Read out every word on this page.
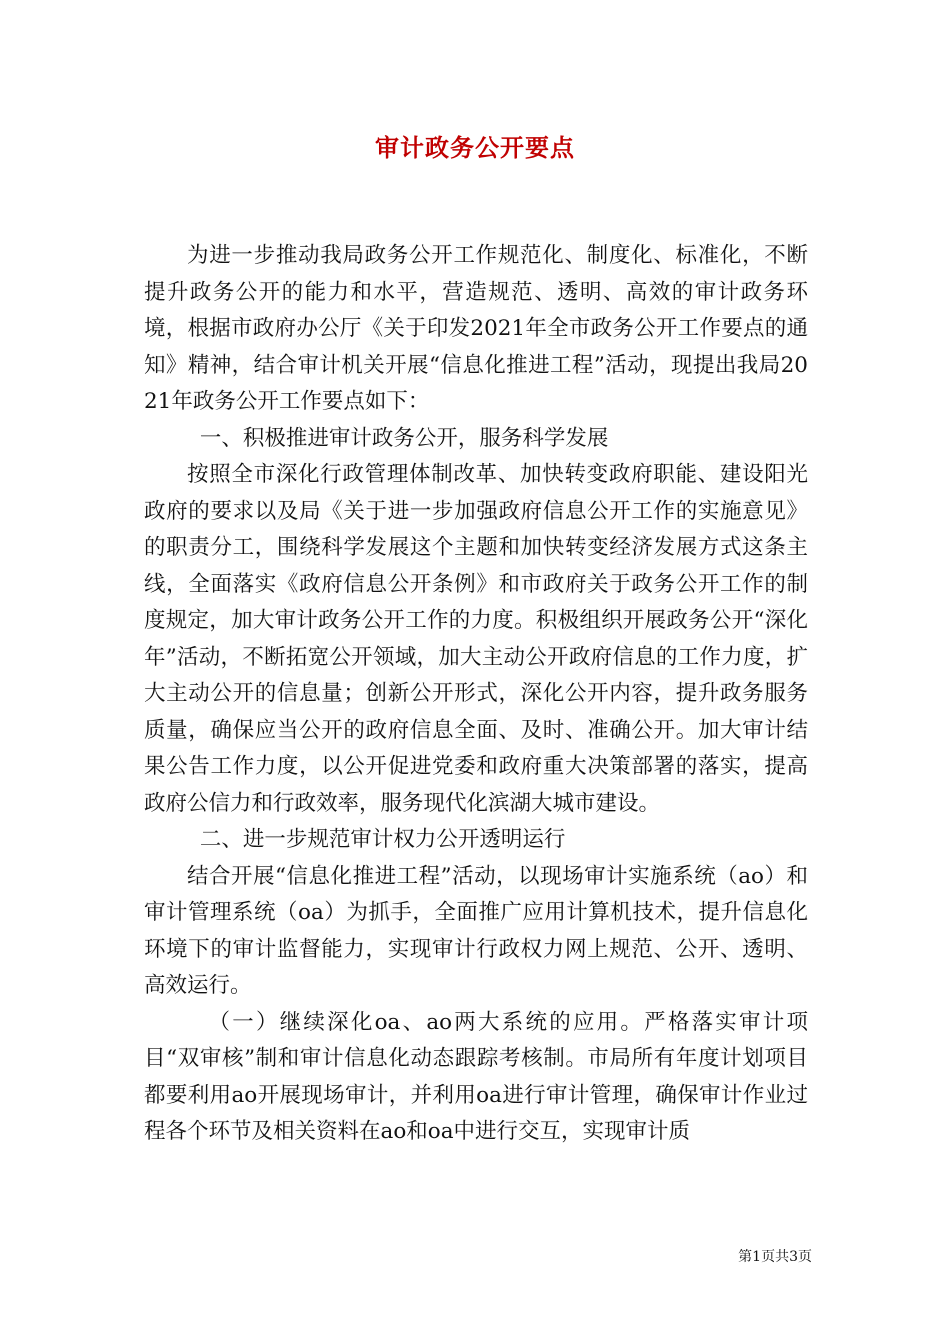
审计政务公开要点

为进一步推动我局政务公开工作规范化、制度化、标准化，不断提升政务公开的能力和水平，营造规范、透明、高效的审计政务环境，根据市政府办公厅《关于印发2021年全市政务公开工作要点的通知》精神，结合审计机关开展“信息化推进工程”活动，现提出我局2021年政务公开工作要点如下：

一、积极推进审计政务公开，服务科学发展

按照全市深化行政管理体制改革、加快转变政府职能、建设阳光政府的要求以及局《关于进一步加强政府信息公开工作的实施意见》的职责分工，围绕科学发展这个主题和加快转变经济发展方式这条主线，全面落实《政府信息公开条例》和市政府关于政务公开工作的制度规定，加大审计政务公开工作的力度。积极组织开展政务公开“深化年”活动，不断拓宽公开领域，加大主动公开政府信息的工作力度，扩大主动公开的信息量；创新公开形式，深化公开内容，提升政务服务质量，确保应当公开的政府信息全面、及时、准确公开。加大审计结果公告工作力度，以公开促进党委和政府重大决策部署的落实，提高政府公信力和行政效率，服务现代化滨湖大城市建设。

二、进一步规范审计权力公开透明运行

结合开展“信息化推进工程”活动，以现场审计实施系统（ao）和审计管理系统（oa）为抓手，全面推广应用计算机技术，提升信息化环境下的审计监督能力，实现审计行政权力网上规范、公开、透明、高效运行。

（一）继续深化oa、ao两大系统的应用。严格落实审计项目“双审核”制和审计信息化动态跟踪考核制。市局所有年度计划项目都要利用ao开展现场审计，并利用oa进行审计管理，确保审计作业过程各个环节及相关资料在ao和oa中进行交互，实现审计质

第1页共3页
